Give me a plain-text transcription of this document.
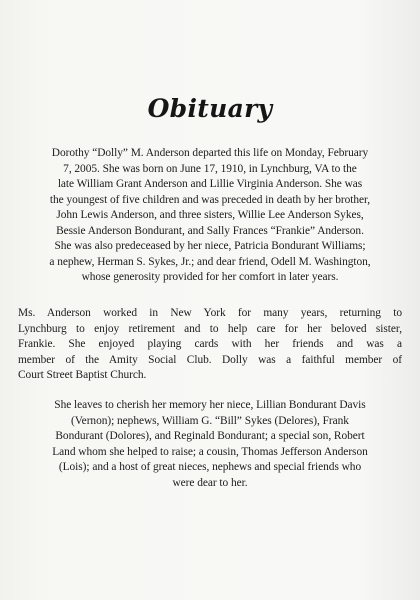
Obituary
Dorothy “Dolly” M. Anderson departed this life on Monday, February
7, 2005. She was born on June 17, 1910, in Lynchburg, VA to the
late William Grant Anderson and Lillie Virginia Anderson. She was
the youngest of five children and was preceded in death by her brother,
John Lewis Anderson, and three sisters, Willie Lee Anderson Sykes,
Bessie Anderson Bondurant, and Sally Frances “Frankie” Anderson.
She was also predeceased by her niece, Patricia Bondurant Williams;
a nephew, Herman S. Sykes, Jr.; and dear friend, Odell M. Washington,
whose generosity provided for her comfort in later years.
Ms. Anderson worked in New York for many years, returning to
Lynchburg to enjoy retirement and to help care for her beloved sister,
Frankie. She enjoyed playing cards with her friends and was a
member of the Amity Social Club. Dolly was a faithful member of
Court Street Baptist Church.
She leaves to cherish her memory her niece, Lillian Bondurant Davis
(Vernon); nephews, William G. “Bill” Sykes (Delores), Frank
Bondurant (Dolores), and Reginald Bondurant; a special son, Robert
Land whom she helped to raise; a cousin, Thomas Jefferson Anderson
(Lois); and a host of great nieces, nephews and special friends who
were dear to her.
